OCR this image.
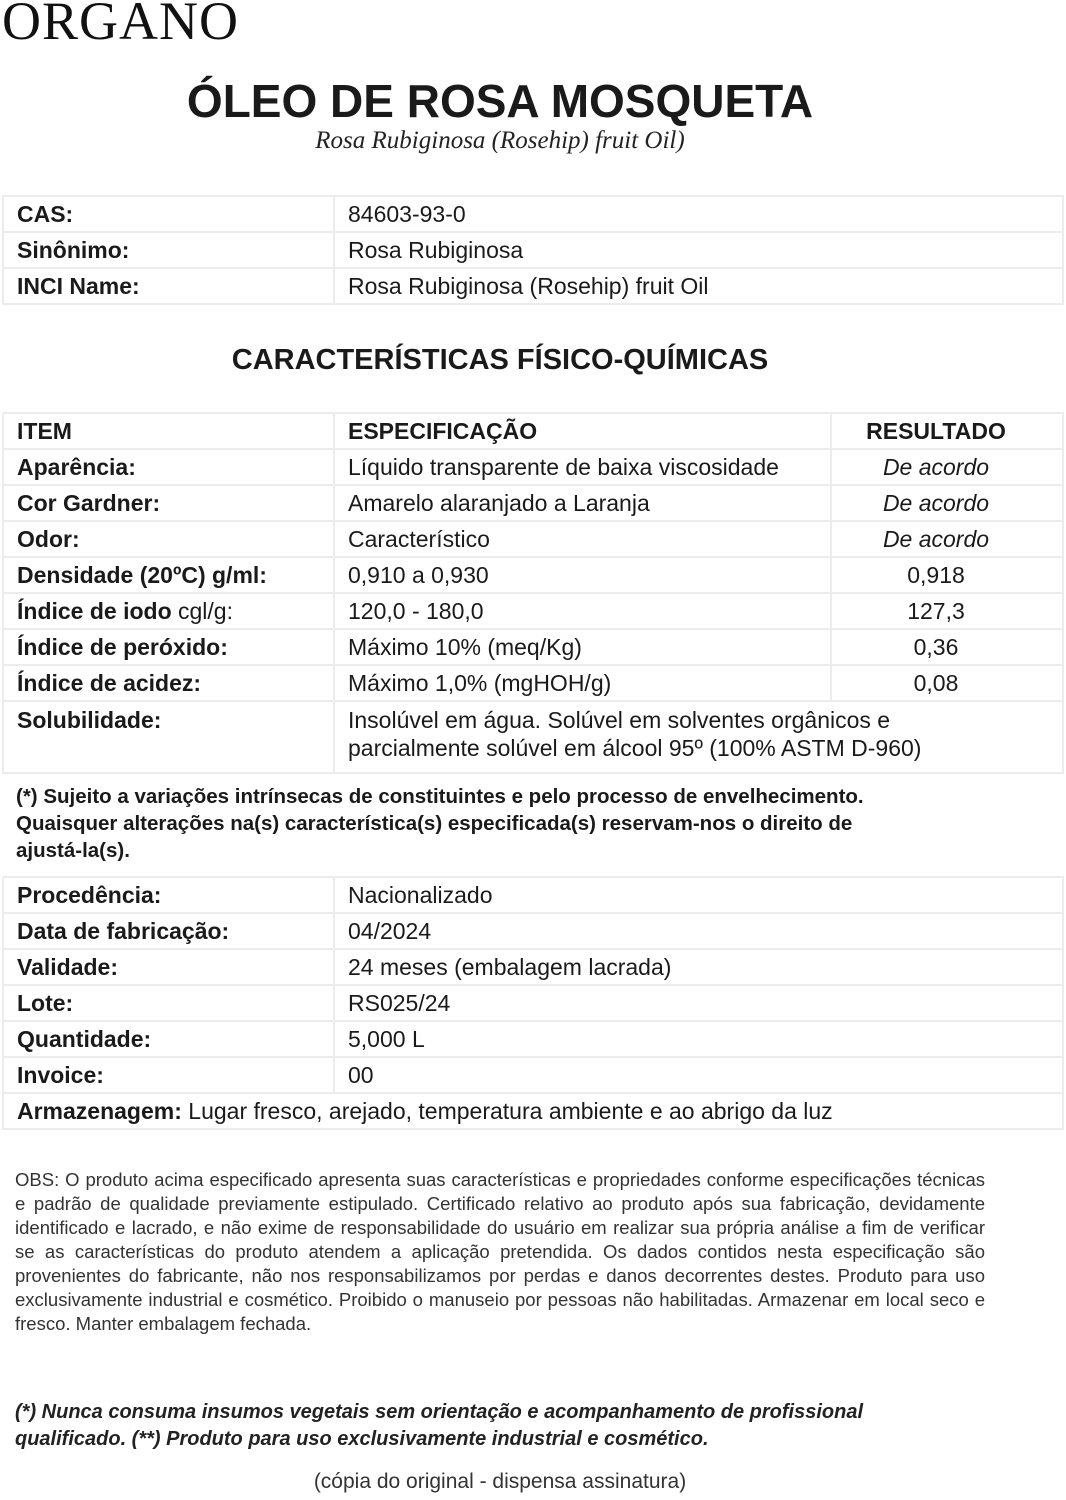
ORGANO
ÓLEO DE ROSA MOSQUETA
Rosa Rubiginosa (Rosehip) fruit Oil)
CAS:	84603-93-0
Sinônimo:	Rosa Rubiginosa
INCI Name:	Rosa Rubiginosa (Rosehip) fruit Oil
CARACTERÍSTICAS FÍSICO-QUÍMICAS
ITEM	ESPECIFICAÇÃO	RESULTADO
Aparência:	Líquido transparente de baixa viscosidade	De acordo
Cor Gardner:	Amarelo alaranjado a Laranja	De acordo
Odor:	Característico	De acordo
Densidade (20ºC) g/ml:	0,910 a 0,930	0,918
Índice de iodo cgl/g:	120,0 - 180,0	127,3
Índice de peróxido:	Máximo 10% (meq/Kg)	0,36
Índice de acidez:	Máximo 1,0% (mgHOH/g)	0,08
Solubilidade:	Insolúvel em água. Solúvel em solventes orgânicos e
parcialmente solúvel em álcool 95º (100% ASTM D-960)	
(*) Sujeito a variações intrínsecas de constituintes e pelo processo de envelhecimento.
Quaisquer alterações na(s) característica(s) especificada(s) reservam-nos o direito de
ajustá-la(s).
Procedência:	Nacionalizado
Data de fabricação:	04/2024
Validade:	24 meses (embalagem lacrada)
Lote:	RS025/24
Quantidade:	5,000 L
Invoice:	00
Armazenagem: Lugar fresco, arejado, temperatura ambiente e ao abrigo da luz	
OBS: O produto acima especificado apresenta suas características e propriedades conforme especificações técnicas e padrão de qualidade previamente estipulado. Certificado relativo ao produto após sua fabricação, devidamente identificado e lacrado, e não exime de responsabilidade do usuário em realizar sua própria análise a fim de verificar se as características do produto atendem a aplicação pretendida. Os dados contidos nesta especificação são provenientes do fabricante, não nos responsabilizamos por perdas e danos decorrentes destes. Produto para uso exclusivamente industrial e cosmético. Proibido o manuseio por pessoas não habilitadas. Armazenar em local seco e fresco. Manter embalagem fechada.
(*) Nunca consuma insumos vegetais sem orientação e acompanhamento de profissional
qualificado. (**) Produto para uso exclusivamente industrial e cosmético.
(cópia do original - dispensa assinatura)
